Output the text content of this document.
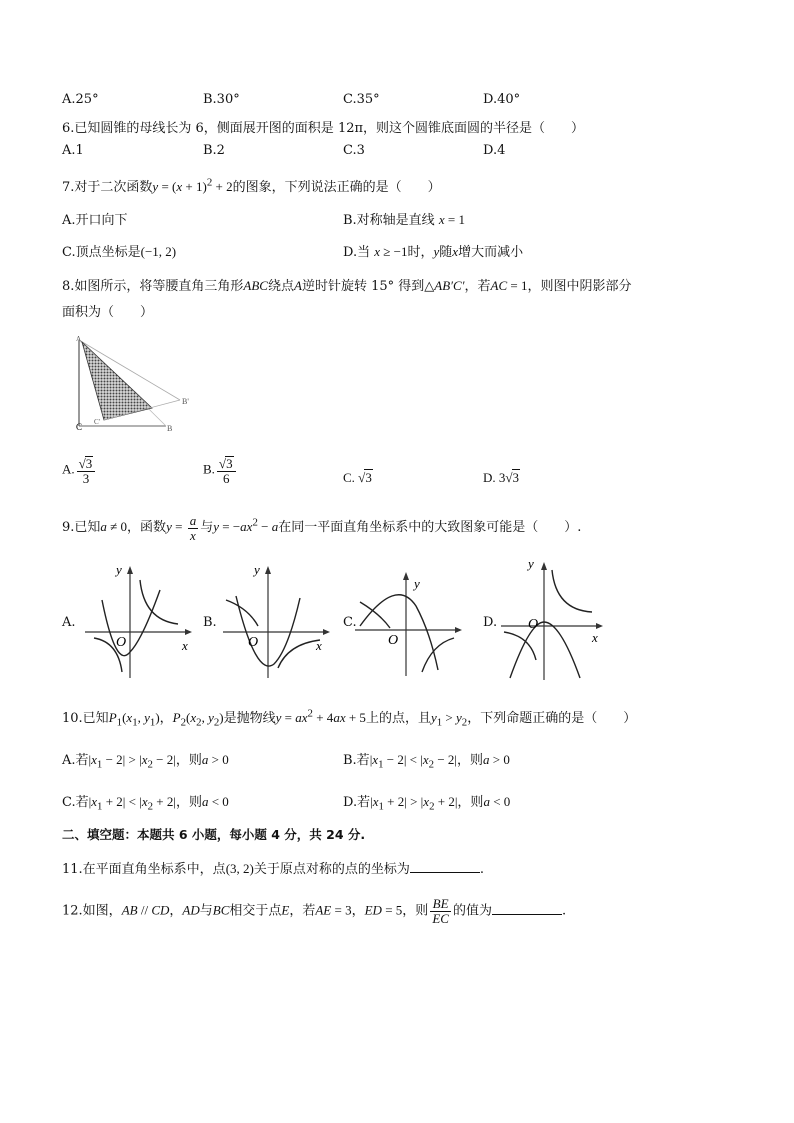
A.25°	B.30°	C.35°	D.40°
6.已知圆锥的母线长为 6，侧面展开图的面积是 12π，则这个圆锥底面圆的半径是（　　）
A.1	B.2	C.3	D.4
7.对于二次函数$y = (x + 1)^2 + 2$的图象，下列说法正确的是（　　）
A.开口向下	B.对称轴是直线 x = 1
C.顶点坐标是(−1, 2)	D.当 x ≥ −1时，y随x增大而减小
8.如图所示，将等腰直角三角形ABC绕点A逆时针旋转 15° 得到△AB′C′，若AC = 1，则图中阴影部分
面积为（　　）
C
B'
B
C'
A
A. $\frac{√3}{3}$	B. $\frac{√3}{6}$	C. √3	D. 3√3
9.已知a ≠ 0，函数$y = \frac{a}{x}$ 与$y = -ax^2 - a$在同一平面直角坐标系中的大致图象可能是（　　）.
A.	B.	C.	D.
y
x
O
y
x
O
y
O
y
x
O
10.已知$P_1(x_1$, $y_1$)，$P_2(x_2$, $y_2$)是抛物线$y = ax^2 + 4ax + 5$上的点，且$y_1 > y_2$，下列命题正确的是（　　）
A.若$|x_1 - 2| > |x_2 - 2|$，则a > 0	B.若$|x_1 - 2| < |x_2 - 2|$，则a > 0
C.若$|x_1 + 2| < |x_2 + 2|$，则a < 0	D.若$|x_1 + 2| > |x_2 + 2|$，则a < 0
二、填空题：本题共 6 小题，每小题 4 分，共 24 分.
11.在平面直角坐标系中，点(3, 2)关于原点对称的点的坐标为	.
12.如图，AB // CD，AD与BC相交于点E，若AE = 3，ED = 5，则 $\frac{BE}{EC}$ 的值为	.
